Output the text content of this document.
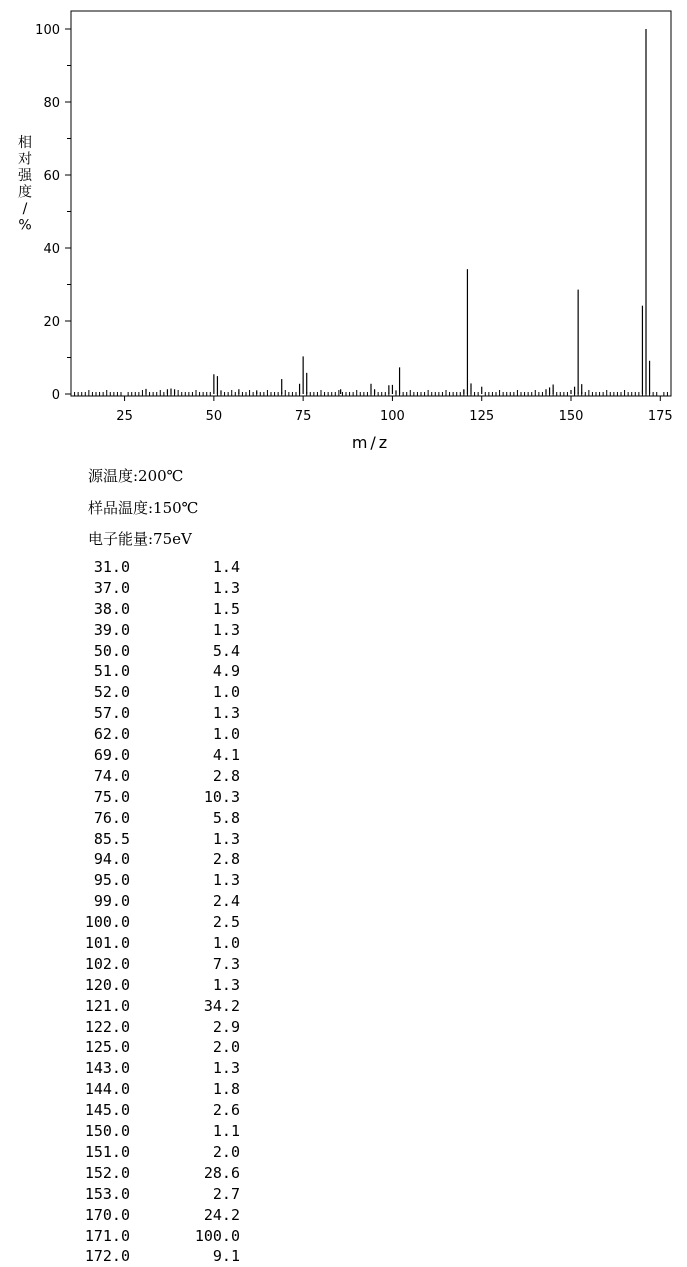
0
20
40
60
80
100
25	50	75	100	125	150	175
m/z
相对强度/ %
源温度:200℃
样品温度:150℃
电子能量:75eV
31.0	1.4
37.0	1.3
38.0	1.5
39.0	1.3
50.0	5.4
51.0	4.9
52.0	1.0
57.0	1.3
62.0	1.0
69.0	4.1
74.0	2.8
75.0	10.3
76.0	5.8
85.5	1.3
94.0	2.8
95.0	1.3
99.0	2.4
100.0	2.5
101.0	1.0
102.0	7.3
120.0	1.3
121.0	34.2
122.0	2.9
125.0	2.0
143.0	1.3
144.0	1.8
145.0	2.6
150.0	1.1
151.0	2.0
152.0	28.6
153.0	2.7
170.0	24.2
171.0	100.0
172.0	9.1
